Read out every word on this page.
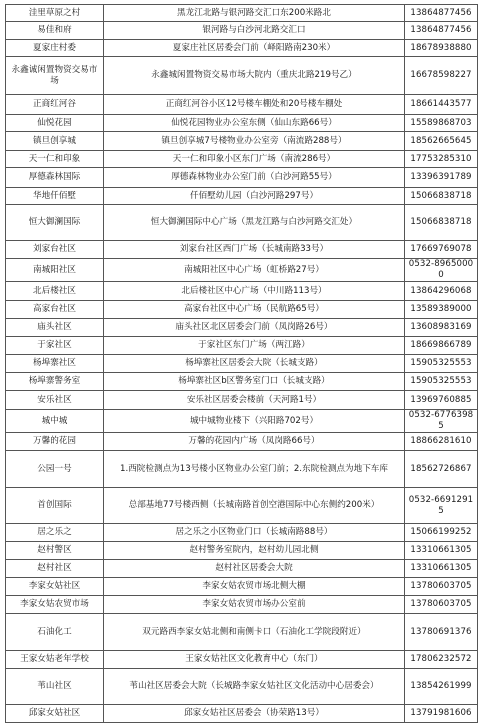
洼里草原之村	黑龙江北路与银河路交汇口东200米路北	13864877456
易佳和府	银河路与白沙河北路交汇口	13864877456
夏家庄村委	夏家庄社区居委会门前（峄阳路南230米）	18678938880
永鑫诚闲置物资交易市场	永鑫城闲置物资交易市场大院内（重庆北路219号乙）	16678598227
正商红河谷	正商红河谷小区12号楼车棚处和20号楼车棚处	18661443577
仙悦花园	仙悦花园物业办公室东侧（仙山东路66号）	15589868703
镇旦创享城	镇旦创享城7号楼物业办公室旁（南流路288号）	18562665645
天一仁和印象	天一仁和印象小区东门广场（南流286号）	17753285310
厚德森林国际	厚德森林物业办公室门前（白沙河路55号）	13396391789
华地仟佰墅	仟佰墅幼儿园（白沙河路297号）	15066838718
恒大御澜国际	恒大御澜国际中心广场（黑龙江路与白沙河路交汇处）	15066838718
刘家台社区	刘家台社区西门广场（长城南路33号）	17669769078
南城阳社区	南城阳社区中心广场（虹桥路27号）	0532-89650000
北后楼社区	北后楼社区中心广场（中川路113号）	13864296068
高家台社区	高家台社区中心广场（民航路65号）	13589389000
庙头社区	庙头社区北区居委会门前（凤岗路26号）	13608983169
于家社区	于家社区东门广场（两江路）	18669866789
杨埠寨社区	杨埠寨社区居委会大院（长城支路）	15905325553
杨埠寨警务室	杨埠寨社区b区警务室门口（长城支路）	15905325553
安乐社区	安乐社区居委会楼前（天河路1号）	13969760885
城中城	城中城物业楼下（兴阳路702号）	0532-67763985
万馨的花园	万馨的花园内广场（凤岗路66号）	18866281610
公园一号	1.西院检测点为13号楼小区物业办公室门前；2.东院检测点为地下车库	18562726867
首创国际	总部基地77号楼西侧（长城南路首创空港国际中心东侧约200米）	0532-66912915
居之乐之	居之乐之小区物业门口（长城南路88号）	15066199252
赵村警区	赵村警务室院内，赵村幼儿园北侧	13310661305
赵村社区	赵村社区居委会大院	13310661305
李家女姑社区	李家女姑农贸市场北侧大棚	13780603705
李家女姑农贸市场	李家女姑农贸市场办公室前	13780603705
石油化工	双元路西李家女姑北侧和南侧卡口（石油化工学院段附近）	13780691376
王家女姑老年学校	王家女姑社区文化教育中心（东门）	17806232572
苇山社区	苇山社区居委会大院（长城路李家女姑社区文化活动中心居委会）	13854261999
邱家女姑社区	邱家女姑社区居委会（协荣路13号）	13791981606
